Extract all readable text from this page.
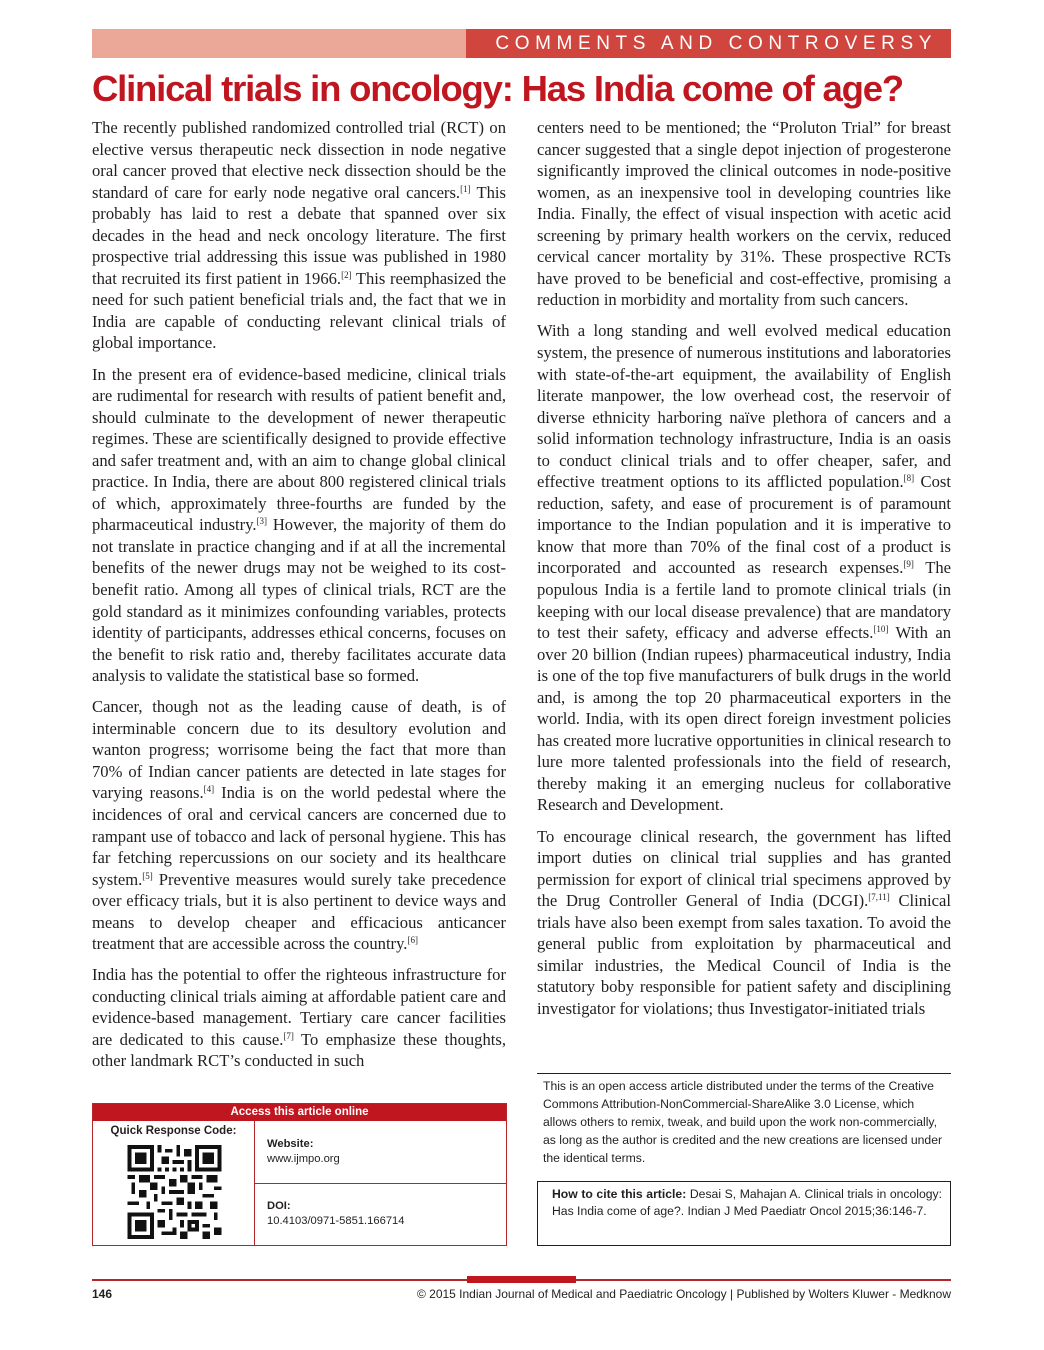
COMMENTS AND CONTROVERSY
Clinical trials in oncology: Has India come of age?

The recently published randomized controlled trial (RCT) on elective versus therapeutic neck dissection in node negative oral cancer proved that elective neck dissection should be the standard of care for early node negative oral cancers.[1] This probably has laid to rest a debate that spanned over six decades in the head and neck oncology literature. The first prospective trial addressing this issue was published in 1980 that recruited its first patient in 1966.[2] This reemphasized the need for such patient beneficial trials and, the fact that we in India are capable of conducting relevant clinical trials of global importance.

In the present era of evidence-based medicine, clinical trials are rudimental for research with results of patient benefit and, should culminate to the development of newer therapeutic regimes. These are scientifically designed to provide effective and safer treatment and, with an aim to change global clinical practice. In India, there are about 800 registered clinical trials of which, approximately three-fourths are funded by the pharmaceutical industry.[3] However, the majority of them do not translate in practice changing and if at all the incremental benefits of the newer drugs may not be weighed to its cost-benefit ratio. Among all types of clinical trials, RCT are the gold standard as it minimizes confounding variables, protects identity of participants, addresses ethical concerns, focuses on the benefit to risk ratio and, thereby facilitates accurate data analysis to validate the statistical base so formed.

Cancer, though not as the leading cause of death, is of interminable concern due to its desultory evolution and wanton progress; worrisome being the fact that more than 70% of Indian cancer patients are detected in late stages for varying reasons.[4] India is on the world pedestal where the incidences of oral and cervical cancers are concerned due to rampant use of tobacco and lack of personal hygiene. This has far fetching repercussions on our society and its healthcare system.[5] Preventive measures would surely take precedence over efficacy trials, but it is also pertinent to device ways and means to develop cheaper and efficacious anticancer treatment that are accessible across the country.[6]

India has the potential to offer the righteous infrastructure for conducting clinical trials aiming at affordable patient care and evidence-based management. Tertiary care cancer facilities are dedicated to this cause.[7] To emphasize these thoughts, other landmark RCT’s conducted in such

centers need to be mentioned; the “Proluton Trial” for breast cancer suggested that a single depot injection of progesterone significantly improved the clinical outcomes in node-positive women, as an inexpensive tool in developing countries like India. Finally, the effect of visual inspection with acetic acid screening by primary health workers on the cervix, reduced cervical cancer mortality by 31%. These prospective RCTs have proved to be beneficial and cost-effective, promising a reduction in morbidity and mortality from such cancers.

With a long standing and well evolved medical education system, the presence of numerous institutions and laboratories with state-of-the-art equipment, the availability of English literate manpower, the low overhead cost, the reservoir of diverse ethnicity harboring naïve plethora of cancers and a solid information technology infrastructure, India is an oasis to conduct clinical trials and to offer cheaper, safer, and effective treatment options to its afflicted population.[8] Cost reduction, safety, and ease of procurement is of paramount importance to the Indian population and it is imperative to know that more than 70% of the final cost of a product is incorporated and accounted as research expenses.[9] The populous India is a fertile land to promote clinical trials (in keeping with our local disease prevalence) that are mandatory to test their safety, efficacy and adverse effects.[10] With an over 20 billion (Indian rupees) pharmaceutical industry, India is one of the top five manufacturers of bulk drugs in the world and, is among the top 20 pharmaceutical exporters in the world. India, with its open direct foreign investment policies has created more lucrative opportunities in clinical research to lure more talented professionals into the field of research, thereby making it an emerging nucleus for collaborative Research and Development.

To encourage clinical research, the government has lifted import duties on clinical trial supplies and has granted permission for export of clinical trial specimens approved by the Drug Controller General of India (DCGI).[7,11] Clinical trials have also been exempt from sales taxation. To avoid the general public from exploitation by pharmaceutical and similar industries, the Medical Council of India is the statutory boby responsible for patient safety and disciplining investigator for violations; thus Investigator-initiated trials

Access this article online
Quick Response Code:
Website:
www.ijmpo.org
DOI:
10.4103/0971-5851.166714
This is an open access article distributed under the terms of the Creative Commons Attribution-NonCommercial-ShareAlike 3.0 License, which allows others to remix, tweak, and build upon the work non-commercially, as long as the author is credited and the new creations are licensed under the identical terms.
How to cite this article: Desai S, Mahajan A. Clinical trials in oncology: Has India come of age?. Indian J Med Paediatr Oncol 2015;36:146-7.
146	© 2015 Indian Journal of Medical and Paediatric Oncology | Published by Wolters Kluwer - Medknow
